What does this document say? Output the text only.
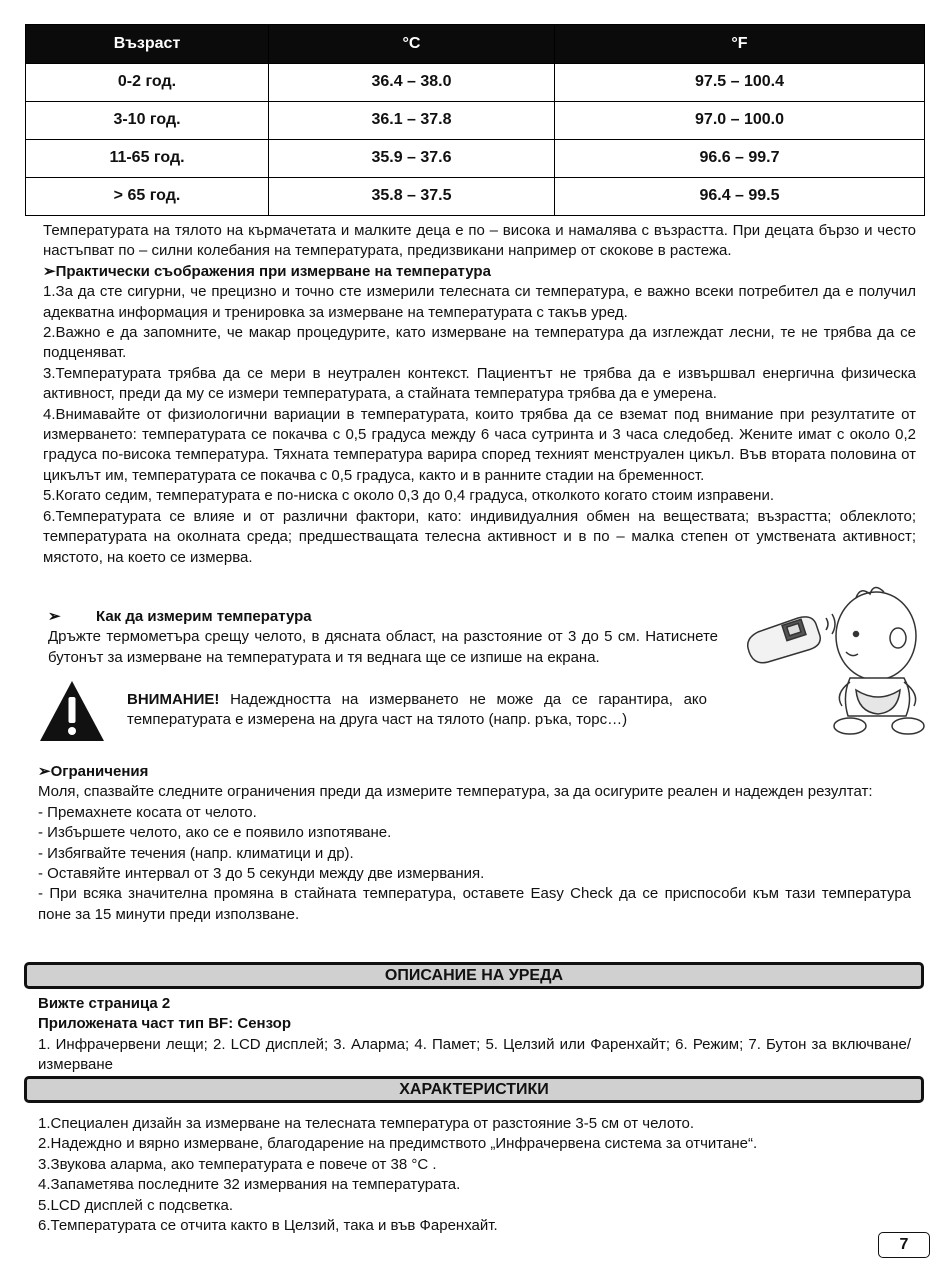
Възраст	°C	°F
0-2 год.	36.4 – 38.0	97.5 – 100.4
3-10 год.	36.1 – 37.8	97.0 – 100.0
11-65 год.	35.9 – 37.6	96.6 – 99.7
> 65 год.	35.8 – 37.5	96.4 – 99.5

Температурата на тялото на кърмачетата и малките деца е по – висока и намалява с възрастта. При децата бързо и често настъпват по – силни колебания на температурата, предизвикани например от скокове в растежа.

➢Практически съображения при измерване на температура

1.За да сте сигурни, че прецизно и точно сте измерили телесната си температура, е важно всеки потребител да е получил адекватна информация и тренировка за измерване на температурата с такъв уред.

2.Важно е да запомните, че макар процедурите, като измерване на температура да изглеждат лесни, те не трябва да се подценяват.

3.Температурата трябва да се мери в неутрален контекст. Пациентът не трябва да е извършвал енергична физическа активност, преди да му се измери температурата, а стайната температура трябва да е умерена.

4.Внимавайте от физиологични вариации в температурата, които трябва да се вземат под внимание при резултатите от измерването: температурата се покачва с 0,5 градуса между 6 часа сутринта и 3 часа следобед. Жените имат с около 0,2 градуса по-висока температура. Тяхната температура варира според техният менструален цикъл. Във втората половина от цикълът им, температурата се покачва с 0,5 градуса, както и в ранните стадии на бременност.

5.Когато седим, температурата е по-ниска с около 0,3 до 0,4 градуса, отколкото когато стоим изправени.

6.Температурата се влияе и от различни фактори, като: индивидуалния обмен на веществата; възрастта; облеклото; температурата на околната среда; предшестващата телесна активност и в по – малка степен от умствената активност; мястото, на което се измерва.

➢ Как да измерим температура

Дръжте термометъра срещу челото, в дясната област, на разстояние от 3 до 5 см. Натиснете бутонът за измерване на температурата и тя веднага ще се изпише на екрана.

ВНИМАНИЕ! Надеждността на измерването не може да се гарантира, ако температурата е измерена на друга част на тялото (напр. ръка, торс…)

➢Ограничения

Моля, спазвайте следните ограничения преди да измерите температура, за да осигурите реален и надежден резултат:

- Премахнете косата от челото.

- Избършете челото, ако се е появило изпотяване.

- Избягвайте течения (напр. климатици и др).

- Оставяйте интервал от 3 до 5 секунди между две измервания.

- При всяка значителна промяна в стайната температура, оставете Easy Check да се приспособи към тази температура поне за 15 минути преди използване.

ОПИСАНИЕ НА УРЕДА

Вижте страница 2

Приложената част тип BF: Сензор

1. Инфрачервени лещи; 2. LCD дисплей; 3. Аларма; 4. Памет; 5. Целзий или Фаренхайт; 6. Режим; 7. Бутон за включване/ измерване

ХАРАКТЕРИСТИКИ

1.Специален дизайн за измерване на телесната температура от разстояние 3-5 см от челото.

2.Надеждно и вярно измерване, благодарение на предимството „Инфрачервена система за отчитане“.

3.Звукова аларма, ако температурата е повече от 38 °C .

4.Запаметява последните 32 измервания на температурата.

5.LCD дисплей с подсветка.

6.Температурата се отчита както в Целзий, така и във Фаренхайт.

7
